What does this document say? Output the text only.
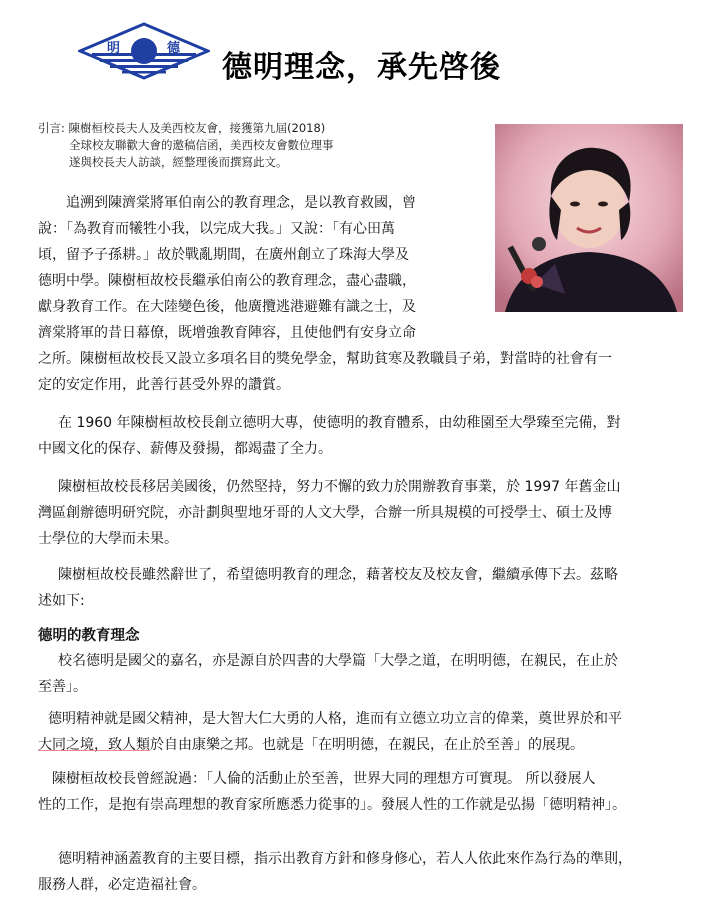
明	德
德明理念，承先啓後
引言: 陳樹桓校長夫人及美西校友會，接獲第九屆(2018)
全球校友聯歡大會的邀稿信函，美西校友會數位理事
遂與校長夫人訪談，經整理後而撰寫此文。

追溯到陳濟棠將軍伯南公的教育理念，是以教育救國，曾

說：「為教育而犧牲小我，以完成大我。」又說：「有心田萬

頃，留予子孫耕。」故於戰亂期間，在廣州創立了珠海大學及

德明中學。陳樹桓故校長繼承伯南公的教育理念，盡心盡職，

獻身教育工作。在大陸變色後，他廣攬逃港避難有識之士，及

濟棠將軍的昔日幕僚，既增強教育陣容，且使他們有安身立命

之所。陳樹桓故校長又設立多項名目的獎免學金，幫助貧寒及教職員子弟，對當時的社會有一

定的安定作用，此善行甚受外界的讚賞。

在 1960 年陳樹桓故校長創立德明大專，使德明的教育體系，由幼稚園至大學臻至完備，對

中國文化的保存、薪傳及發揚，都竭盡了全力。

陳樹桓故校長移居美國後，仍然堅持，努力不懈的致力於開辦教育事業，於 1997 年舊金山

灣區創辦德明研究院，亦計劃與聖地牙哥的人文大學，合辦一所具規模的可授學士、碩士及博

士學位的大學而未果。

陳樹桓故校長雖然辭世了，希望德明教育的理念，藉著校友及校友會，繼續承傳下去。茲略

述如下:

德明的教育理念

校名德明是國父的嘉名，亦是源自於四書的大學篇「大學之道，在明明德，在親民，在止於

至善」。

德明精神就是國父精神，是大智大仁大勇的人格，進而有立德立功立言的偉業，奠世界於和平

大同之境，致人類於自由康樂之邦。也就是「在明明德，在親民，在止於至善」的展現。

陳樹桓故校長曾經說過：「人倫的活動止於至善，世界大同的理想方可實現。 所以發展人

性的工作，是抱有崇高理想的教育家所應悉力從事的」。發展人性的工作就是弘揚「德明精神」。

德明精神涵蓋教育的主要目標，指示出教育方針和修身修心，若人人依此來作為行為的準則，

服務人群，必定造福社會。
